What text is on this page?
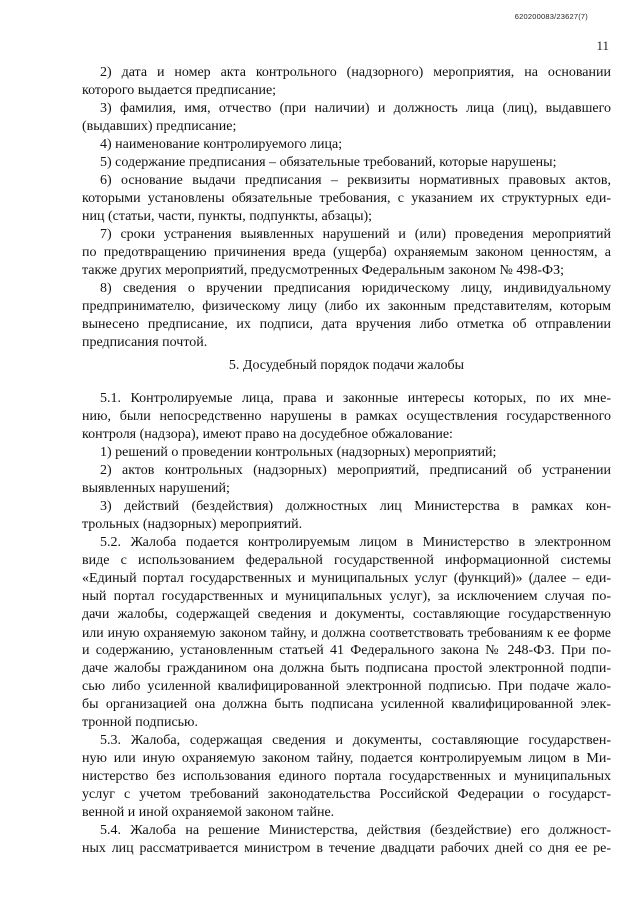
620200083/23627(7)
11
2) дата и номер акта контрольного (надзорного) мероприятия, на основании
которого выдается предписание;
3) фамилия, имя, отчество (при наличии) и должность лица (лиц), выдавшего
(выдавших) предписание;
4) наименование контролируемого лица;
5) содержание предписания – обязательные требований, которые нарушены;
6) основание выдачи предписания – реквизиты нормативных правовых актов,
которыми установлены обязательные требования, с указанием их структурных еди-
ниц (статьи, части, пункты, подпункты, абзацы);
7) сроки устранения выявленных нарушений и (или) проведения мероприятий
по предотвращению причинения вреда (ущерба) охраняемым законом ценностям, а
также других мероприятий, предусмотренных Федеральным законом № 498-ФЗ;
8) сведения о вручении предписания юридическому лицу, индивидуальному
предпринимателю, физическому лицу (либо их законным представителям, которым
вынесено предписание, их подписи, дата вручения либо отметка об отправлении
предписания почтой.
5. Досудебный порядок подачи жалобы
5.1. Контролируемые лица, права и законные интересы которых, по их мне-
нию, были непосредственно нарушены в рамках осуществления государственного
контроля (надзора), имеют право на досудебное обжалование:
1) решений о проведении контрольных (надзорных) мероприятий;
2) актов контрольных (надзорных) мероприятий, предписаний об устранении
выявленных нарушений;
3) действий (бездействия) должностных лиц Министерства в рамках кон-
трольных (надзорных) мероприятий.
5.2. Жалоба подается контролируемым лицом в Министерство в электронном
виде с использованием федеральной государственной информационной системы
«Единый портал государственных и муниципальных услуг (функций)» (далее – еди-
ный портал государственных и муниципальных услуг), за исключением случая по-
дачи жалобы, содержащей сведения и документы, составляющие государственную
или иную охраняемую законом тайну, и должна соответствовать требованиям к ее форме
и содержанию, установленным статьей 41 Федерального закона № 248-ФЗ. При по-
даче жалобы гражданином она должна быть подписана простой электронной подпи-
сью либо усиленной квалифицированной электронной подписью. При подаче жало-
бы организацией она должна быть подписана усиленной квалифицированной элек-
тронной подписью.
5.3. Жалоба, содержащая сведения и документы, составляющие государствен-
ную или иную охраняемую законом тайну, подается контролируемым лицом в Ми-
нистерство без использования единого портала государственных и муниципальных
услуг с учетом требований законодательства Российской Федерации о государст-
венной и иной охраняемой законом тайне.
5.4. Жалоба на решение Министерства, действия (бездействие) его должност-
ных лиц рассматривается министром в течение двадцати рабочих дней со дня ее ре-
